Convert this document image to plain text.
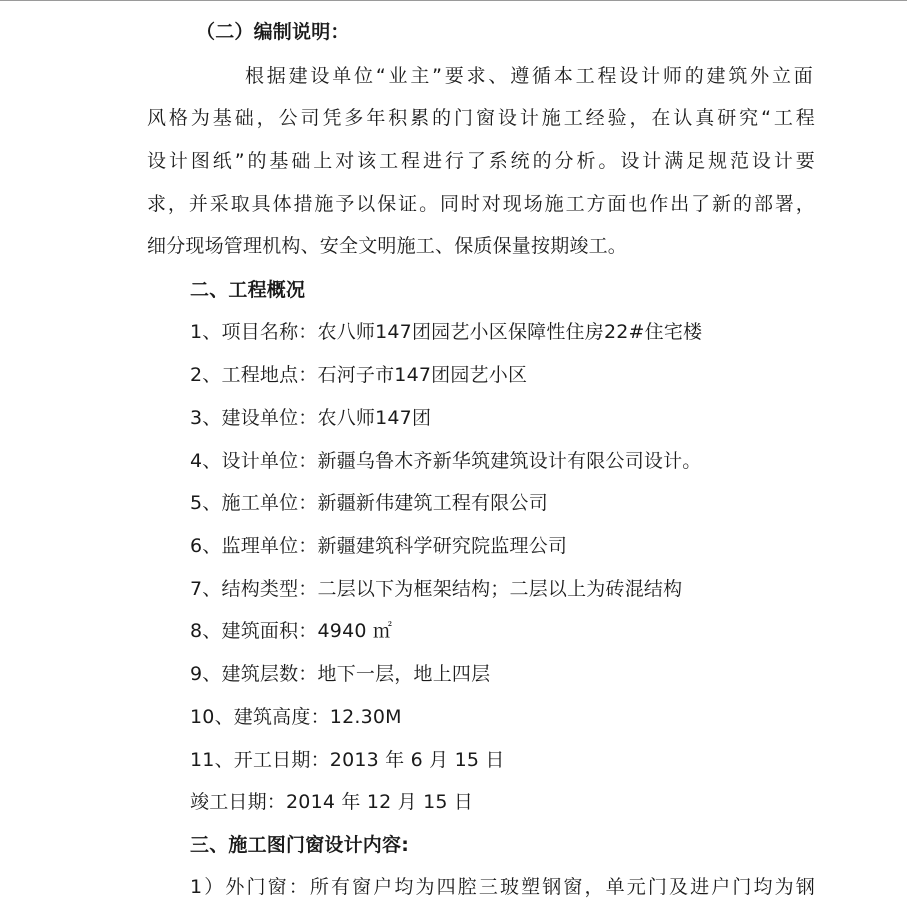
（二）编制说明：
根据建设单位“业主”要求、遵循本工程设计师的建筑外立面
风格为基础，公司凭多年积累的门窗设计施工经验，在认真研究“工程
设计图纸”的基础上对该工程进行了系统的分析。设计满足规范设计要
求，并采取具体措施予以保证。同时对现场施工方面也作出了新的部署，
细分现场管理机构、安全文明施工、保质保量按期竣工。
二、工程概况
1、项目名称：农八师147团园艺小区保障性住房22#住宅楼
2、工程地点：石河子市147团园艺小区
3、建设单位：农八师147团
4、设计单位：新疆乌鲁木齐新华筑建筑设计有限公司设计。
5、施工单位：新疆新伟建筑工程有限公司
6、监理单位：新疆建筑科学研究院监理公司
7、结构类型：二层以下为框架结构；二层以上为砖混结构
8、建筑面积：4940 ㎡
9、建筑层数：地下一层，地上四层
10、建筑高度：12.30M
11、开工日期：2013 年 6 月 15 日
竣工日期：2014 年 12 月 15 日
三、施工图门窗设计内容:
1）外门窗：所有窗户均为四腔三玻塑钢窗，单元门及进户门均为钢
